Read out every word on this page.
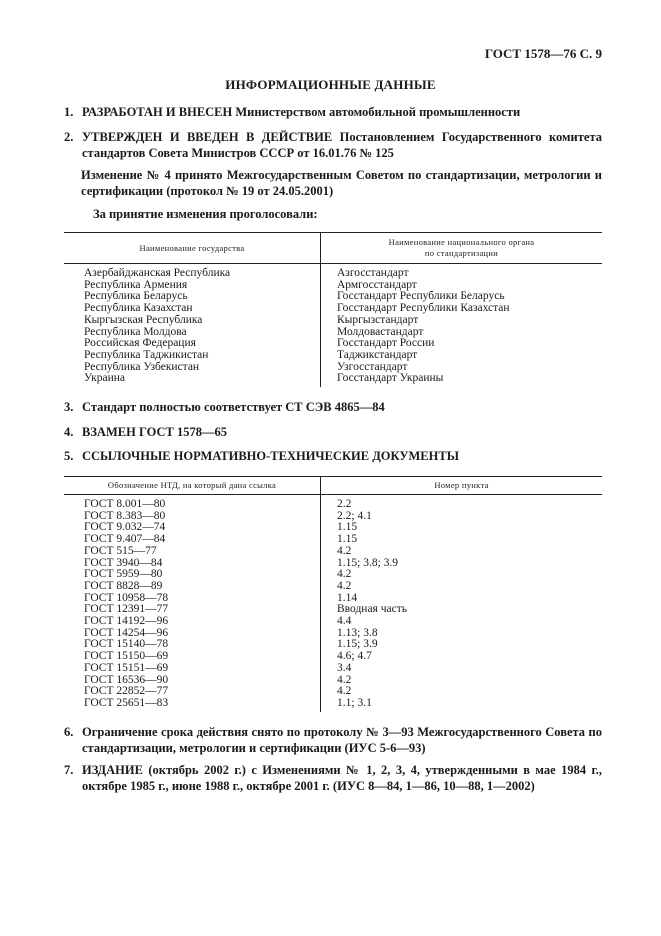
ГОСТ 1578—76 С. 9
ИНФОРМАЦИОННЫЕ ДАННЫЕ
1. РАЗРАБОТАН И ВНЕСЕН Министерством автомобильной промышленности
2. УТВЕРЖДЕН И ВВЕДЕН В ДЕЙСТВИЕ Постановлением Государственного комитета стандартов Совета Министров СССР от 16.01.76 № 125
Изменение № 4 принято Межгосударственным Советом по стандартизации, метрологии и сертификации (протокол № 19 от 24.05.2001)
За принятие изменения проголосовали:
Наименование государства	Наименование национального органа
по стандартизации

Азербайджанская Республика	Азгосстандарт
Республика Армения	Армгосстандарт
Республика Беларусь	Госстандарт Республики Беларусь
Республика Казахстан	Госстандарт Республики Казахстан
Кыргызская Республика	Кыргызстандарт
Республика Молдова	Молдовастандарт
Российская Федерация	Госстандарт России
Республика Таджикистан	Таджикстандарт
Республика Узбекистан	Узгосстандарт
Украина	Госстандарт Украины
3. Стандарт полностью соответствует СТ СЭВ 4865—84
4. ВЗАМЕН ГОСТ 1578—65
5. ССЫЛОЧНЫЕ НОРМАТИВНО-ТЕХНИЧЕСКИЕ ДОКУМЕНТЫ
Обозначение НТД, на который дана ссылка	Номер пункта
ГОСТ 8.001—80	2.2
ГОСТ 8.383—80	2.2; 4.1
ГОСТ 9.032—74	1.15
ГОСТ 9.407—84	1.15
ГОСТ 515—77	4.2
ГОСТ 3940—84	1.15; 3.8; 3.9
ГОСТ 5959—80	4.2
ГОСТ 8828—89	4.2
ГОСТ 10958—78	1.14
ГОСТ 12391—77	Вводная часть
ГОСТ 14192—96	4.4
ГОСТ 14254—96	1.13; 3.8
ГОСТ 15140—78	1.15; 3.9
ГОСТ 15150—69	4.6; 4.7
ГОСТ 15151—69	3.4
ГОСТ 16536—90	4.2
ГОСТ 22852—77	4.2
ГОСТ 25651—83	1.1; 3.1
6. Ограничение срока действия снято по протоколу № 3—93 Межгосударственного Совета по стандартизации, метрологии и сертификации (ИУС 5-6—93)
7. ИЗДАНИЕ (октябрь 2002 г.) с Изменениями № 1, 2, 3, 4, утвержденными в мае 1984 г., октябре 1985 г., июне 1988 г., октябре 2001 г. (ИУС 8—84, 1—86, 10—88, 1—2002)
